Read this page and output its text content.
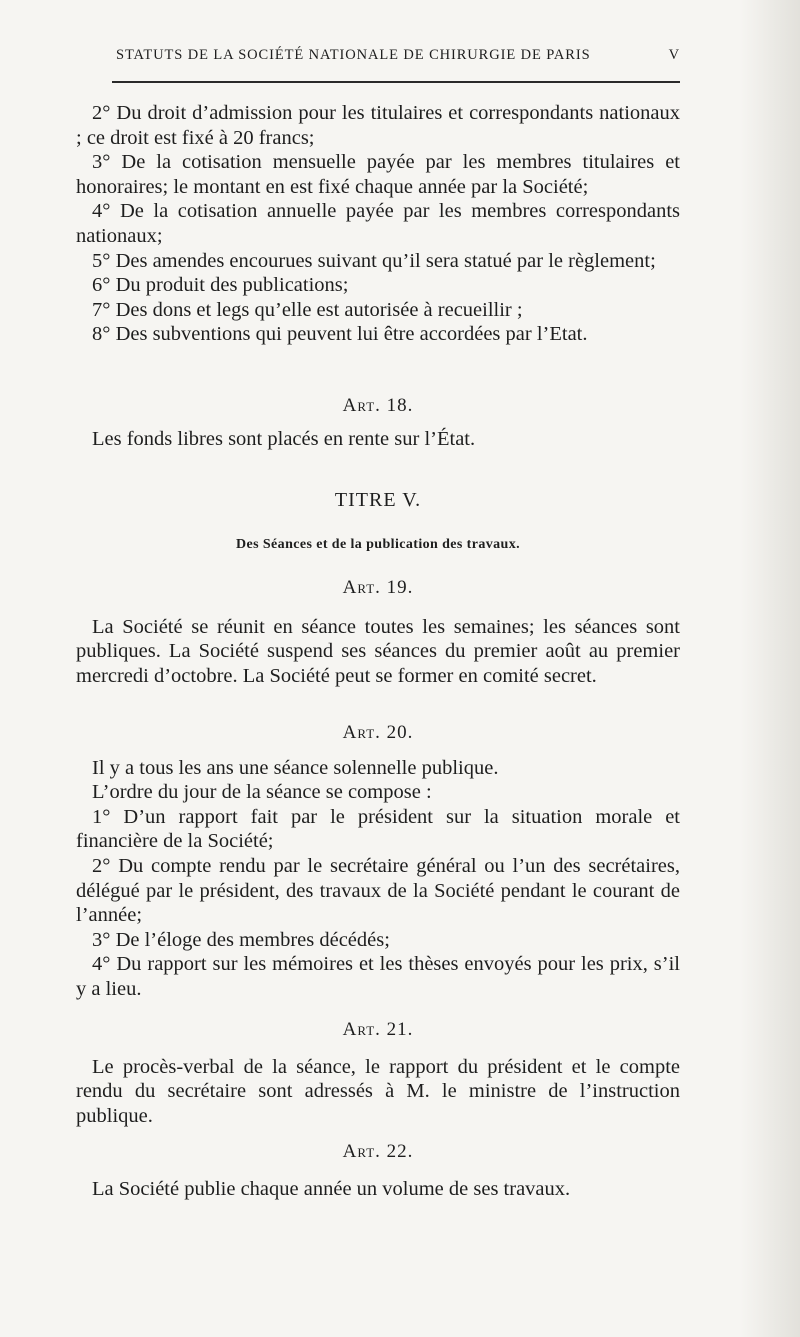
STATUTS DE LA SOCIÉTÉ NATIONALE DE CHIRURGIE DE PARIS	V

2° Du droit d’admission pour les titulaires et correspondants nationaux ; ce droit est fixé à 20 francs;

3° De la cotisation mensuelle payée par les membres titulaires et honoraires; le montant en est fixé chaque année par la Société;

4° De la cotisation annuelle payée par les membres correspondants nationaux;

5° Des amendes encourues suivant qu’il sera statué par le règlement;

6° Du produit des publications;

7° Des dons et legs qu’elle est autorisée à recueillir ;

8° Des subventions qui peuvent lui être accordées par l’Etat.

Art. 18.

Les fonds libres sont placés en rente sur l’État.

TITRE V.

Des Séances et de la publication des travaux.

Art. 19.

La Société se réunit en séance toutes les semaines; les séances sont publiques. La Société suspend ses séances du premier août au premier mercredi d’octobre. La Société peut se former en comité secret.

Art. 20.

Il y a tous les ans une séance solennelle publique.

L’ordre du jour de la séance se compose :

1° D’un rapport fait par le président sur la situation morale et financière de la Société;

2° Du compte rendu par le secrétaire général ou l’un des secrétaires, délégué par le président, des travaux de la Société pendant le courant de l’année;

3° De l’éloge des membres décédés;

4° Du rapport sur les mémoires et les thèses envoyés pour les prix, s’il y a lieu.

Art. 21.

Le procès-verbal de la séance, le rapport du président et le compte rendu du secrétaire sont adressés à M. le ministre de l’instruction publique.

Art. 22.

La Société publie chaque année un volume de ses travaux.
